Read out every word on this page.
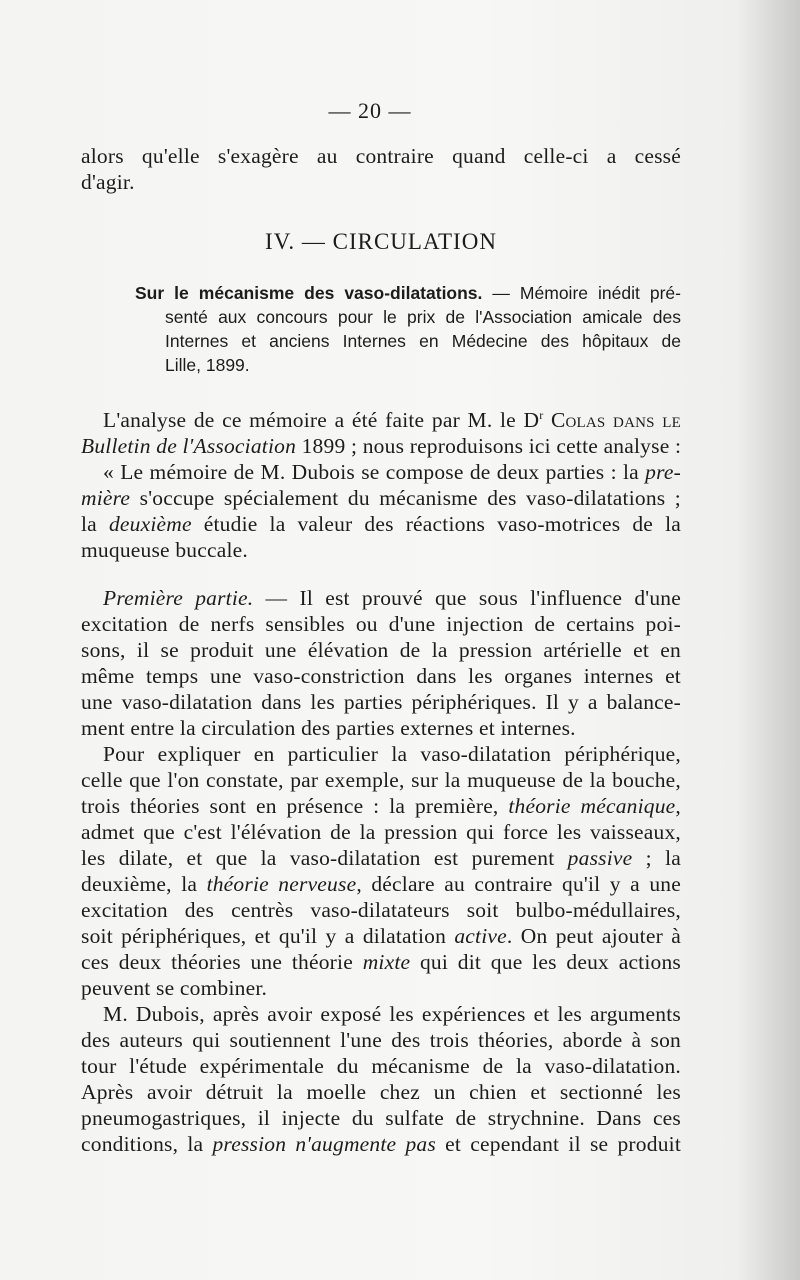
— 20 —
alors qu'elle s'exagère au contraire quand celle-ci a cessé
d'agir.
IV. — CIRCULATION
Sur le mécanisme des vaso-dilatations. — Mémoire inédit pré-
senté aux concours pour le prix de l'Association amicale des
Internes et anciens Internes en Médecine des hôpitaux de
Lille, 1899.
L'analyse de ce mémoire a été faite par M. le $D^r$ Colas dans le
Bulletin de l'Association 1899 ; nous reproduisons ici cette analyse :
« Le mémoire de M. Dubois se compose de deux parties : la pre-
mière s'occupe spécialement du mécanisme des vaso-dilatations ;
la deuxième étudie la valeur des réactions vaso-motrices de la
muqueuse buccale.
Première partie. — Il est prouvé que sous l'influence d'une
excitation de nerfs sensibles ou d'une injection de certains poi-
sons, il se produit une élévation de la pression artérielle et en
même temps une vaso-constriction dans les organes internes et
une vaso-dilatation dans les parties périphériques. Il y a balance-
ment entre la circulation des parties externes et internes.
Pour expliquer en particulier la vaso-dilatation périphérique,
celle que l'on constate, par exemple, sur la muqueuse de la bouche,
trois théories sont en présence : la première, théorie mécanique,
admet que c'est l'élévation de la pression qui force les vaisseaux,
les dilate, et que la vaso-dilatation est purement passive ; la
deuxième, la théorie nerveuse, déclare au contraire qu'il y a une
excitation des centrès vaso-dilatateurs soit bulbo-médullaires,
soit périphériques, et qu'il y a dilatation active. On peut ajouter à
ces deux théories une théorie mixte qui dit que les deux actions
peuvent se combiner.
M. Dubois, après avoir exposé les expériences et les arguments
des auteurs qui soutiennent l'une des trois théories, aborde à son
tour l'étude expérimentale du mécanisme de la vaso-dilatation.
Après avoir détruit la moelle chez un chien et sectionné les
pneumogastriques, il injecte du sulfate de strychnine. Dans ces
conditions, la pression n'augmente pas et cependant il se produit
